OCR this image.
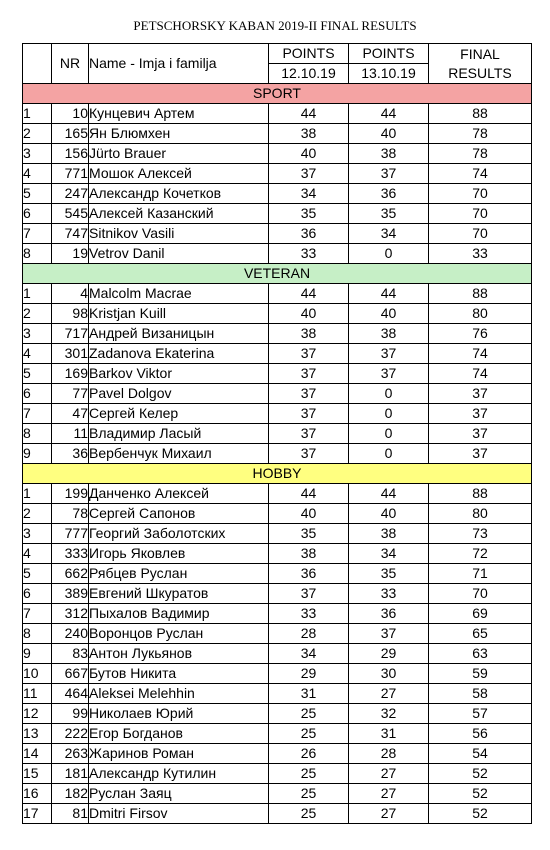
PETSCHORSKY KABAN 2019-II FINAL RESULTS
	NR	Name - Imja i familja	POINTS	POINTS	FINAL
RESULTS
			12.10.19	13.10.19	
SPORT					
1	10	Кунцевич Артем	44	44	88
2	165	Ян Блюмхен	38	40	78
3	156	Jürto Brauer	40	38	78
4	771	Мошок Алексей	37	37	74
5	247	Александр Кочетков	34	36	70
6	545	Алексей Казанский	35	35	70
7	747	Sitnikov Vasili	36	34	70
8	19	Vetrov Danil	33	0	33
VETERAN					
1	4	Malcolm Macrae	44	44	88
2	98	Kristjan Kuill	40	40	80
3	717	Андрей Визаницын	38	38	76
4	301	Zadanova Ekaterina	37	37	74
5	169	Barkov Viktor	37	37	74
6	77	Pavel Dolgov	37	0	37
7	47	Сергей Келер	37	0	37
8	11	Владимир Ласый	37	0	37
9	36	Вербенчук Михаил	37	0	37
HOBBY					
1	199	Данченко Алексей	44	44	88
2	78	Сергей Сапонов	40	40	80
3	777	Георгий Заболотских	35	38	73
4	333	Игорь Яковлев	38	34	72
5	662	Рябцев Руслан	36	35	71
6	389	Евгений Шкуратов	37	33	70
7	312	Пыхалов Вадимир	33	36	69
8	240	Воронцов Руслан	28	37	65
9	83	Антон Лукьянов	34	29	63
10	667	Бутов Никита	29	30	59
11	464	Aleksei Melehhin	31	27	58
12	99	Николаев Юрий	25	32	57
13	222	Егор Богданов	25	31	56
14	263	Жаринов Роман	26	28	54
15	181	Александр Кутилин	25	27	52
16	182	Руслан Заяц	25	27	52
17	81	Dmitri Firsov	25	27	52
